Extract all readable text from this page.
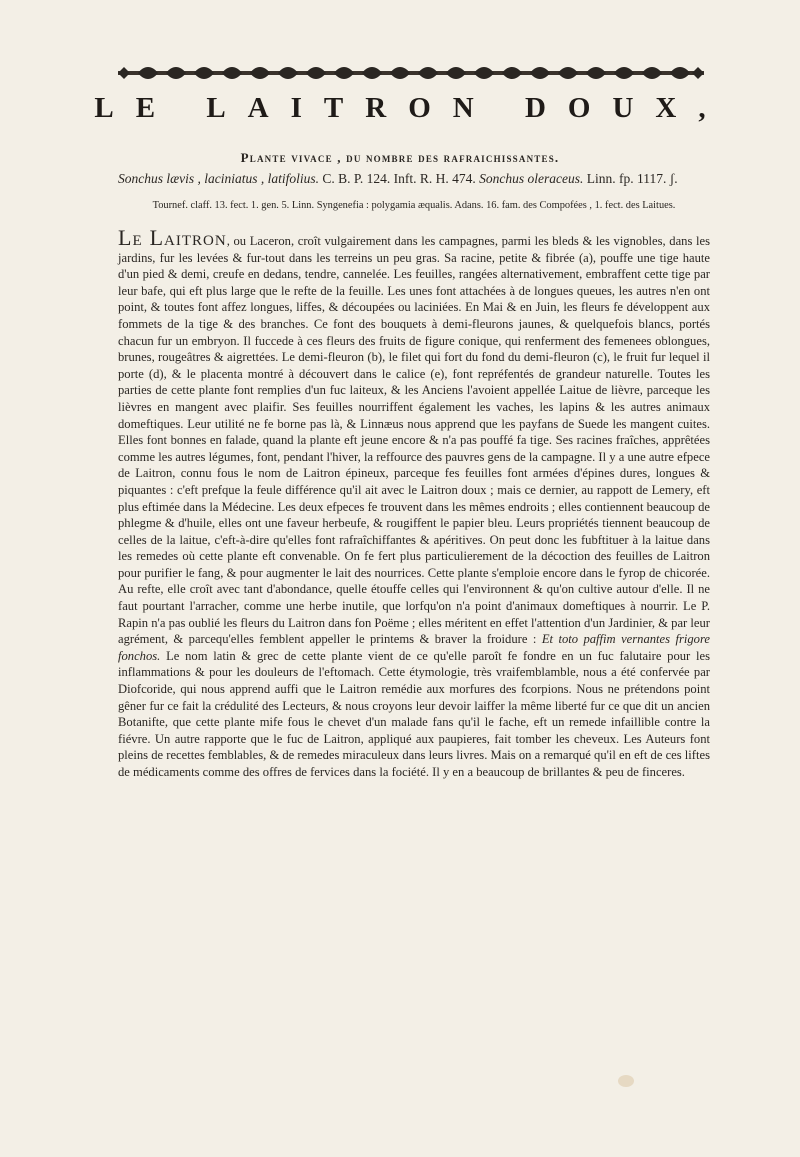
LE LAITRON DOUX,

Plante vivace , du nombre des rafraichissantes.

Sonchus lævis , laciniatus , latifolius. C. B. P. 124. Inft. R. H. 474. Sonchus oleraceus. Linn. fp. 1117. ʃ.

Tournef. claff. 13. fect. 1. gen. 5. Linn. Syngenefia : polygamia æqualis. Adans. 16. fam. des Compofées , 1. fect. des Laitues.

Le Laitron, ou Laceron, croît vulgairement dans les campagnes, parmi les bleds & les vignobles, dans les jardins, fur les levées & fur-tout dans les terreins un peu gras. Sa racine, petite & fibrée (a), pouffe une tige haute d'un pied & demi, creufe en dedans, tendre, cannelée. Les feuilles, rangées alternativement, embraffent cette tige par leur bafe, qui eft plus large que le refte de la feuille. Les unes font attachées à de longues queues, les autres n'en ont point, & toutes font affez longues, liffes, & découpées ou laciniées. En Mai & en Juin, les fleurs fe développent aux fommets de la tige & des branches. Ce font des bouquets à demi-fleurons jaunes, & quelquefois blancs, portés chacun fur un embryon. Il fuccede à ces fleurs des fruits de figure conique, qui renferment des femenees oblongues, brunes, rougeâtres & aigrettées. Le demi-fleuron (b), le filet qui fort du fond du demi-fleuron (c), le fruit fur lequel il porte (d), & le placenta montré à découvert dans le calice (e), font repréfentés de grandeur naturelle. Toutes les parties de cette plante font remplies d'un fuc laiteux, & les Anciens l'avoient appellée Laitue de lièvre, parceque les lièvres en mangent avec plaifir. Ses feuilles nourriffent également les vaches, les lapins & les autres animaux domeftiques. Leur utilité ne fe borne pas là, & Linnæus nous apprend que les payfans de Suede les mangent cuites. Elles font bonnes en falade, quand la plante eft jeune encore & n'a pas pouffé fa tige. Ses racines fraîches, apprêtées comme les autres légumes, font, pendant l'hiver, la reffource des pauvres gens de la campagne. Il y a une autre efpece de Laitron, connu fous le nom de Laitron épineux, parceque fes feuilles font armées d'épines dures, longues & piquantes : c'eft prefque la feule différence qu'il ait avec le Laitron doux ; mais ce dernier, au rappott de Lemery, eft plus eftimée dans la Médecine. Les deux efpeces fe trouvent dans les mêmes endroits ; elles contiennent beaucoup de phlegme & d'huile, elles ont une faveur herbeufe, & rougiffent le papier bleu. Leurs propriétés tiennent beaucoup de celles de la laitue, c'eft-à-dire qu'elles font rafraîchiffantes & apéritives. On peut donc les fubftituer à la laitue dans les remedes où cette plante eft convenable. On fe fert plus particulierement de la décoction des feuilles de Laitron pour purifier le fang, & pour augmenter le lait des nourrices. Cette plante s'emploie encore dans le fyrop de chicorée. Au refte, elle croît avec tant d'abondance, quelle étouffe celles qui l'environnent & qu'on cultive autour d'elle. Il ne faut pourtant l'arracher, comme une herbe inutile, que lorfqu'on n'a point d'animaux domeftiques à nourrir. Le P. Rapin n'a pas oublié les fleurs du Laitron dans fon Poëme ; elles méritent en effet l'attention d'un Jardinier, & par leur agrément, & parcequ'elles femblent appeller le printems & braver la froidure : Et toto paffim vernantes frigore fonchos. Le nom latin & grec de cette plante vient de ce qu'elle paroît fe fondre en un fuc falutaire pour les inflammations & pour les douleurs de l'eftomach. Cette étymologie, très vraifemblamble, nous a été confervée par Diofcoride, qui nous apprend auffi que le Laitron remédie aux morfures des fcorpions. Nous ne prétendons point gêner fur ce fait la crédulité des Lecteurs, & nous croyons leur devoir laiffer la même liberté fur ce que dit un ancien Botanifte, que cette plante mife fous le chevet d'un malade fans qu'il le fache, eft un remede infaillible contre la fiévre. Un autre rapporte que le fuc de Laitron, appliqué aux paupieres, fait tomber les cheveux. Les Auteurs font pleins de recettes femblables, & de remedes miraculeux dans leurs livres. Mais on a remarqué qu'il en eft de ces liftes de médicaments comme des offres de fervices dans la fociété. Il y en a beaucoup de brillantes & peu de finceres.
